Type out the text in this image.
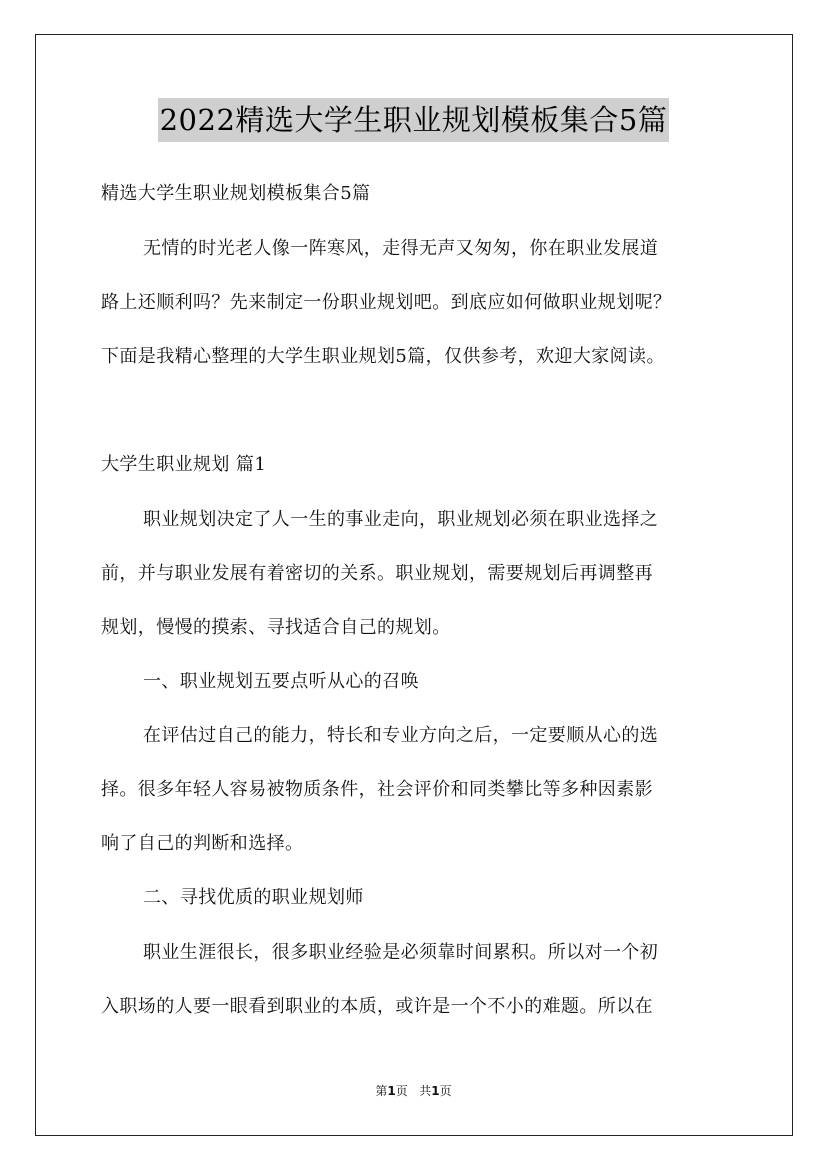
2022精选大学生职业规划模板集合5篇
精选大学生职业规划模板集合5篇
无情的时光老人像一阵寒风，走得无声又匆匆，你在职业发展道
路上还顺利吗？先来制定一份职业规划吧。到底应如何做职业规划呢？
下面是我精心整理的大学生职业规划5篇，仅供参考，欢迎大家阅读。
大学生职业规划 篇1
职业规划决定了人一生的事业走向，职业规划必须在职业选择之
前，并与职业发展有着密切的关系。职业规划，需要规划后再调整再
规划，慢慢的摸索、寻找适合自己的规划。
一、职业规划五要点听从心的召唤
在评估过自己的能力，特长和专业方向之后，一定要顺从心的选
择。很多年轻人容易被物质条件，社会评价和同类攀比等多种因素影
响了自己的判断和选择。
二、寻找优质的职业规划师
职业生涯很长，很多职业经验是必须靠时间累积。所以对一个初
入职场的人要一眼看到职业的本质，或许是一个不小的难题。所以在
第1页 共1页
